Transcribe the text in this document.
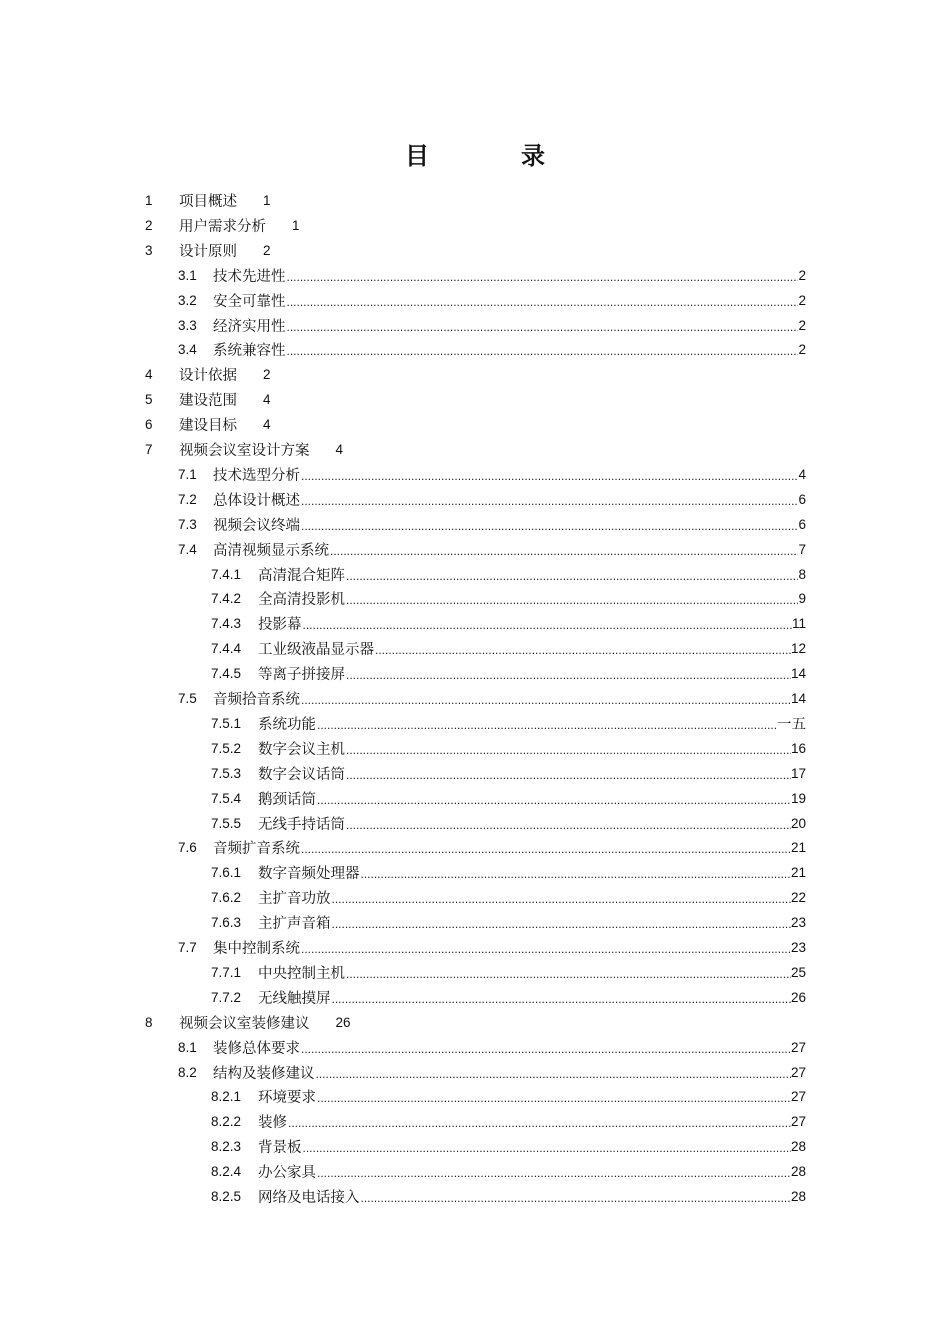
目　录
1	项目概述 1
2	用户需求分析 1
3	设计原则 2
3.1	技术先进性 .....	2
3.2	安全可靠性 .....	2
3.3	经济实用性 .....	2
3.4	系统兼容性 .....	2
4	设计依据 2
5	建设范围 4
6	建设目标 4
7	视频会议室设计方案 4
7.1	技术选型分析 .....	4
7.2	总体设计概述 .....	6
7.3	视频会议终端 .....	6
7.4	高清视频显示系统 .....	7
7.4.1	高清混合矩阵 .....	8
7.4.2	全高清投影机 .....	9
7.4.3	投影幕 .....	11
7.4.4	工业级液晶显示器 .....	12
7.4.5	等离子拼接屏 .....	14
7.5	音频拾音系统 .....	14
7.5.1	系统功能 .....	一五
7.5.2	数字会议主机 .....	16
7.5.3	数字会议话筒 .....	17
7.5.4	鹅颈话筒 .....	19
7.5.5	无线手持话筒 .....	20
7.6	音频扩音系统 .....	21
7.6.1	数字音频处理器 .....	21
7.6.2	主扩音功放 .....	22
7.6.3	主扩声音箱 .....	23
7.7	集中控制系统 .....	23
7.7.1	中央控制主机 .....	25
7.7.2	无线触摸屏 .....	26
8	视频会议室装修建议 26
8.1	装修总体要求 .....	27
8.2	结构及装修建议 .....	27
8.2.1	环境要求 .....	27
8.2.2	装修 .....	27
8.2.3	背景板 .....	28
8.2.4	办公家具 .....	28
8.2.5	网络及电话接入 .....	28
